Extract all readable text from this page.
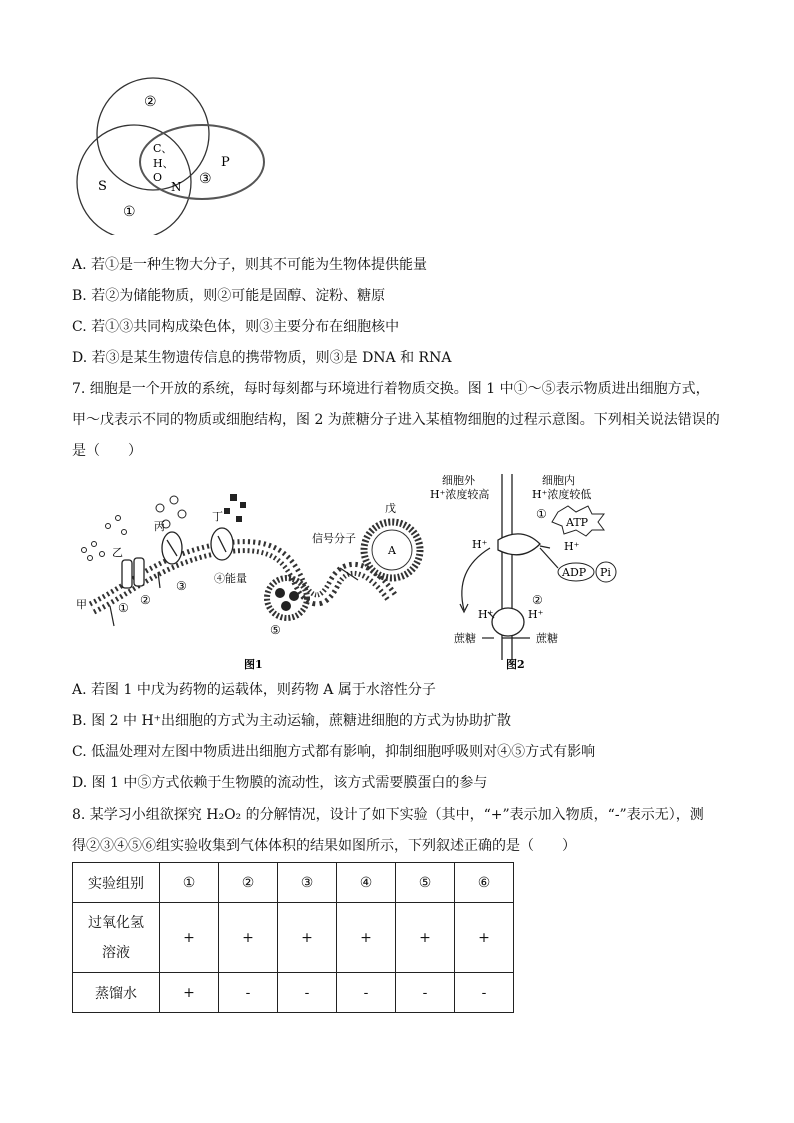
②
C、
H、
O
N ③
P
S
①
A. 若①是一种生物大分子，则其不可能为生物体提供能量
B. 若②为储能物质，则②可能是固醇、淀粉、糖原
C. 若①③共同构成染色体，则③主要分布在细胞核中
D. 若③是某生物遗传信息的携带物质，则③是 DNA 和 RNA
7. 细胞是一个开放的系统，每时每刻都与环境进行着物质交换。图 1 中①～⑤表示物质进出细胞方式，
甲～戊表示不同的物质或细胞结构，图 2 为蔗糖分子进入某植物细胞的过程示意图。下列相关说法错误的
是（　　）
丙
丁
戊
A
信号分子
乙
甲	①
②
③
④能量
⑤
图1
细胞外
H⁺浓度较高
细胞内
H⁺浓度较低
①
ATP
H⁺	H⁺
ADP Pi
②
H⁺	H⁺
蔗糖	蔗糖
图2
A. 若图 1 中戊为药物的运载体，则药物 A 属于水溶性分子
B. 图 2 中 H⁺出细胞的方式为主动运输，蔗糖进细胞的方式为协助扩散
C. 低温处理对左图中物质进出细胞方式都有影响，抑制细胞呼吸则对④⑤方式有影响
D. 图 1 中⑤方式依赖于生物膜的流动性，该方式需要膜蛋白的参与
8. 某学习小组欲探究 H₂O₂ 的分解情况，设计了如下实验（其中，“+”表示加入物质，“-”表示无），测
得②③④⑤⑥组实验收集到气体体积的结果如图所示，下列叙述正确的是（　　）
实验组别	①	②	③	④	⑤	⑥

过氧化氢
溶液	+	+	+	+	+	+
蒸馏水	+	-	-	-	-	-
